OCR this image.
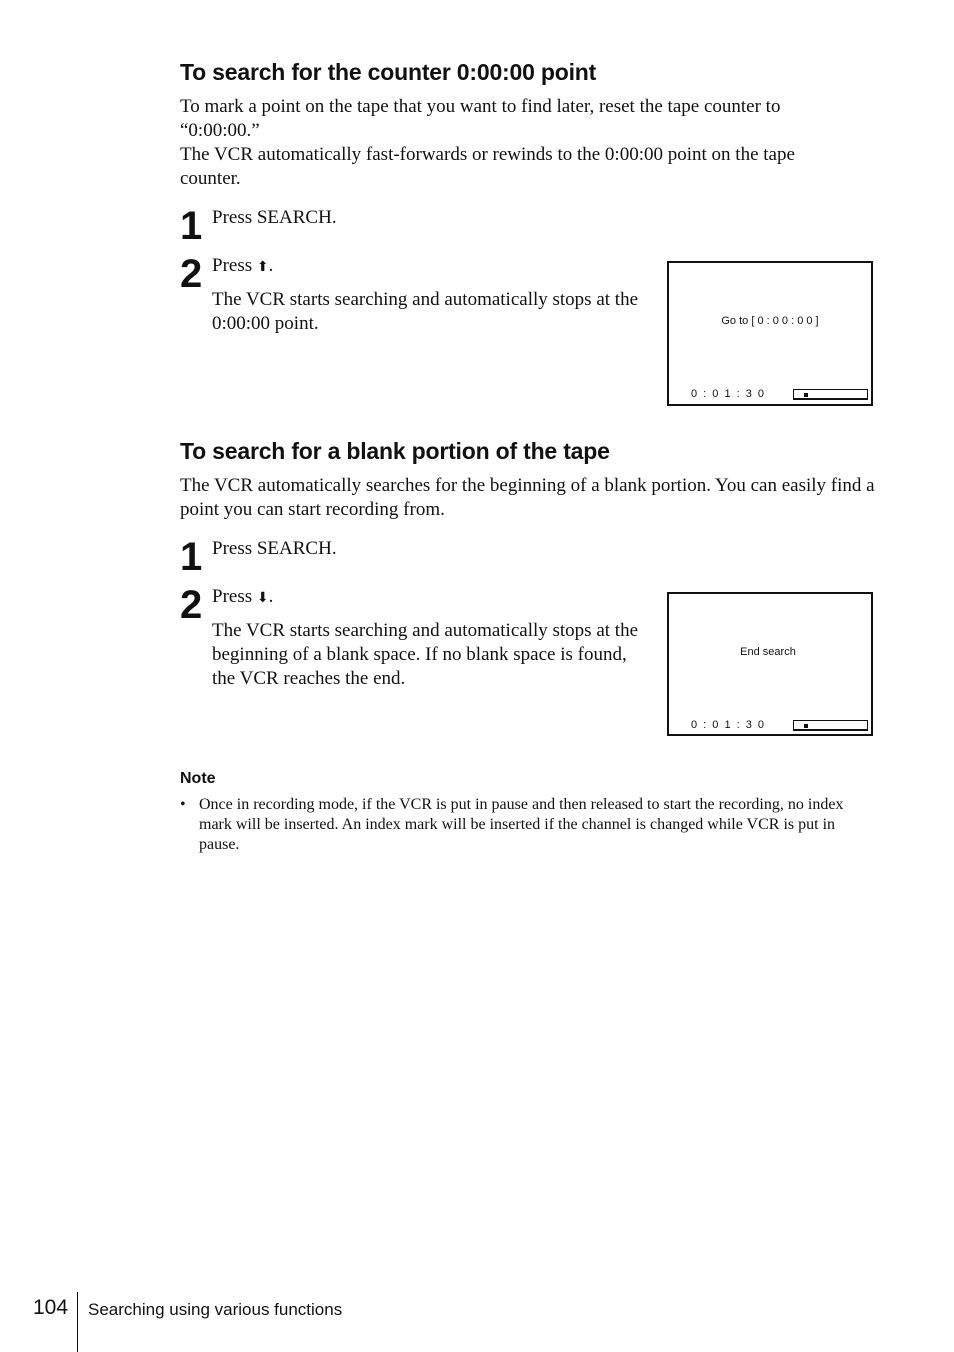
To search for the counter 0:00:00 point
To mark a point on the tape that you want to find later, reset the tape counter to “0:00:00.”
The VCR automatically fast-forwards or rewinds to the 0:00:00 point on the tape counter.
1 Press SEARCH.
2 Press ⬆.
The VCR starts searching and automatically stops at the 0:00:00 point.	Go to [ 0 : 0 0 : 0 0 ]
0 : 0 1 : 3 0
To search for a blank portion of the tape
The VCR automatically searches for the beginning of a blank portion. You can easily find a point you can start recording from.
1 Press SEARCH.
2 Press ⬇.
The VCR starts searching and automatically stops at the beginning of a blank space. If no blank space is found, the VCR reaches the end.
End search
0 : 0 1 : 3 0
Note
• Once in recording mode, if the VCR is put in pause and then released to start the recording, no index mark will be inserted. An index mark will be inserted if the channel is changed while VCR is put in pause.
104 Searching using various functions
